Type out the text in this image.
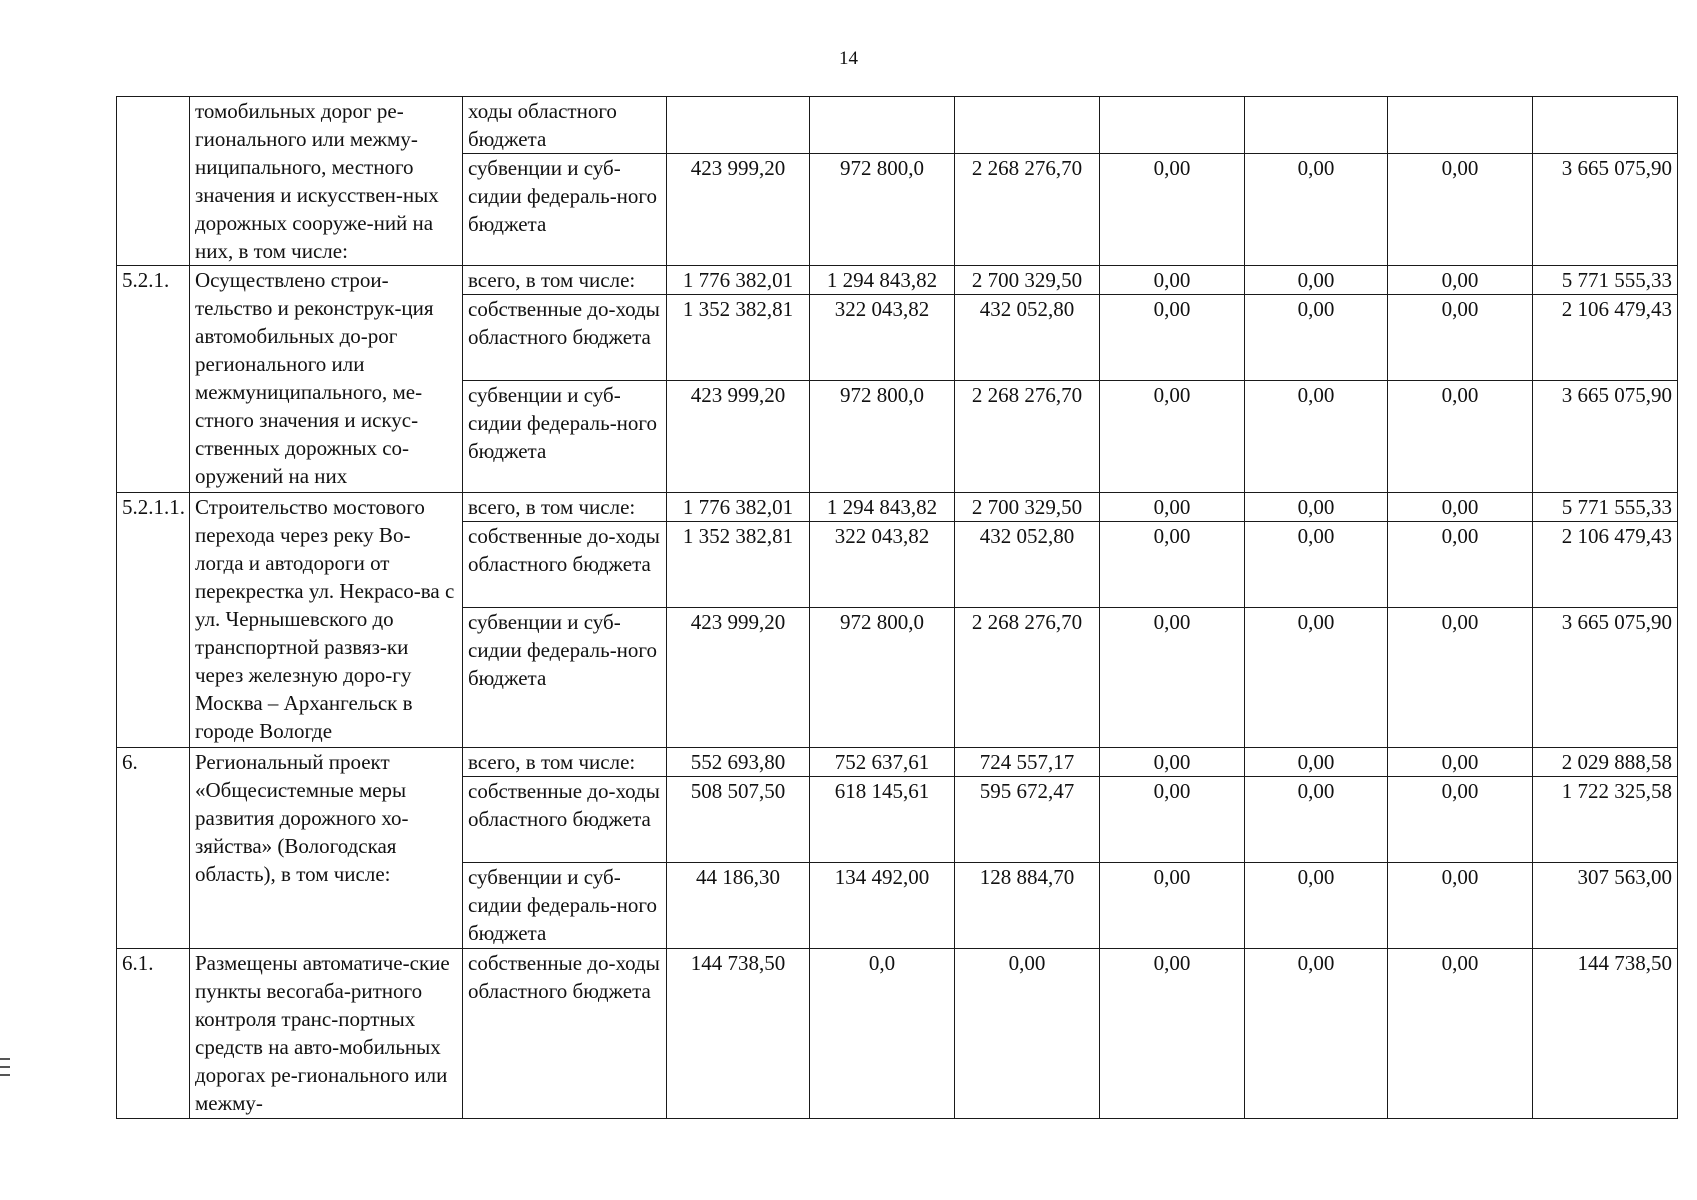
14
	томобильных дорог ре-гионального или межму-ниципального, местного значения и искусствен-ных дорожных сооруже-ний на них, в том числе:	ходы областного бюджета							
		субвенции и суб-сидии федераль-ного бюджета	423 999,20	972 800,0	2 268 276,70	0,00	0,00	0,00	3 665 075,90
5.2.1.	Осуществлено строи-тельство и реконструк-ция автомобильных до-рог регионального или межмуниципального, ме-стного значения и искус-ственных дорожных со-оружений на них	всего, в том числе:	1 776 382,01	1 294 843,82	2 700 329,50	0,00	0,00	0,00	5 771 555,33
		собственные до-ходы областного бюджета	1 352 382,81	322 043,82	432 052,80	0,00	0,00	0,00	2 106 479,43
		субвенции и суб-сидии федераль-ного бюджета	423 999,20	972 800,0	2 268 276,70	0,00	0,00	0,00	3 665 075,90
5.2.1.1.	Строительство мостового перехода через реку Во-логда и автодороги от перекрестка ул. Некрасо-ва с ул. Чернышевского до транспортной развяз-ки через железную доро-гу Москва – Архангельск в городе Вологде	всего, в том числе:	1 776 382,01	1 294 843,82	2 700 329,50	0,00	0,00	0,00	5 771 555,33
		собственные до-ходы областного бюджета	1 352 382,81	322 043,82	432 052,80	0,00	0,00	0,00	2 106 479,43
		субвенции и суб-сидии федераль-ного бюджета	423 999,20	972 800,0	2 268 276,70	0,00	0,00	0,00	3 665 075,90
6.	Региональный проект «Общесистемные меры развития дорожного хо-зяйства» (Вологодская область), в том числе:	всего, в том числе:	552 693,80	752 637,61	724 557,17	0,00	0,00	0,00	2 029 888,58
		собственные до-ходы областного бюджета	508 507,50	618 145,61	595 672,47	0,00	0,00	0,00	1 722 325,58
		субвенции и суб-сидии федераль-ного бюджета	44 186,30	134 492,00	128 884,70	0,00	0,00	0,00	307 563,00
6.1.	Размещены автоматиче-ские пункты весогаба-ритного контроля транс-портных средств на авто-мобильных дорогах ре-гионального или межму-	собственные до-ходы областного бюджета	144 738,50	0,0	0,00	0,00	0,00	0,00	144 738,50
